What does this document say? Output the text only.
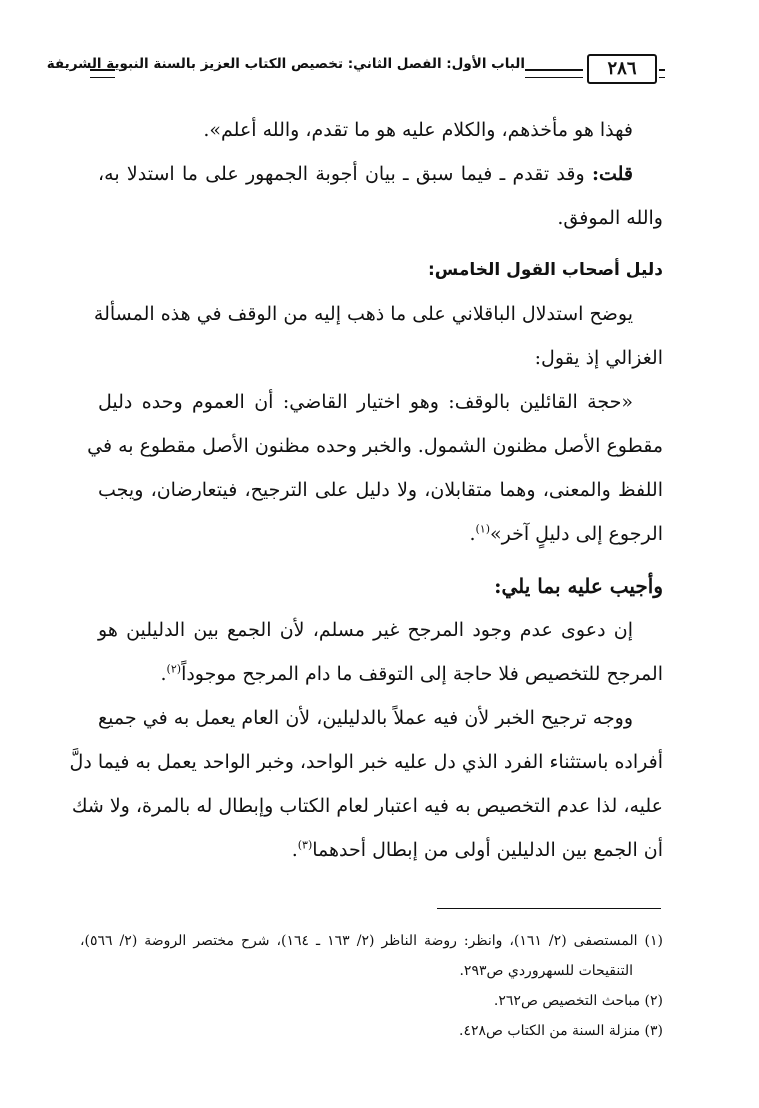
٢٨٦
الباب الأول: الفصل الثاني: تخصيص الكتاب العزيز بالسنة النبوية الشريفة
فهذا هو مأخذهم، والكلام عليه هو ما تقدم، والله أعلم».
قلت: وقد تقدم ـ فيما سبق ـ بيان أجوبة الجمهور على ما استدلا به،
والله الموفق.
دليل أصحاب القول الخامس:
يوضح استدلال الباقلاني على ما ذهب إليه من الوقف في هذه المسألة
الغزالي إذ يقول:
«حجة القائلين بالوقف: وهو اختيار القاضي: أن العموم وحده دليل
مقطوع الأصل مظنون الشمول. والخبر وحده مظنون الأصل مقطوع به في
اللفظ والمعنى، وهما متقابلان، ولا دليل على الترجيح، فيتعارضان، ويجب
الرجوع إلى دليلٍ آخر»$^{(١)}$.
وأجيب عليه بما يلي:
إن دعوى عدم وجود المرجح غير مسلم، لأن الجمع بين الدليلين هو
المرجح للتخصيص فلا حاجة إلى التوقف ما دام المرجح موجوداً$^{(٢)}$.
ووجه ترجيح الخبر لأن فيه عملاً بالدليلين، لأن العام يعمل به في جميع
أفراده باستثناء الفرد الذي دل عليه خبر الواحد، وخبر الواحد يعمل به فيما دلَّ
عليه، لذا عدم التخصيص به فيه اعتبار لعام الكتاب وإبطال له بالمرة، ولا شك
أن الجمع بين الدليلين أولى من إبطال أحدهما$^{(٣)}$.
(١) المستصفى (٢/ ١٦١)، وانظر: روضة الناظر (٢/ ١٦٣ ـ ١٦٤)، شرح مختصر الروضة (٢/ ٥٦٦)،
التنقيحات للسهروردي ص٢٩٣.
(٢) مباحث التخصيص ص٢٦٢.
(٣) منزلة السنة من الكتاب ص٤٢٨.
